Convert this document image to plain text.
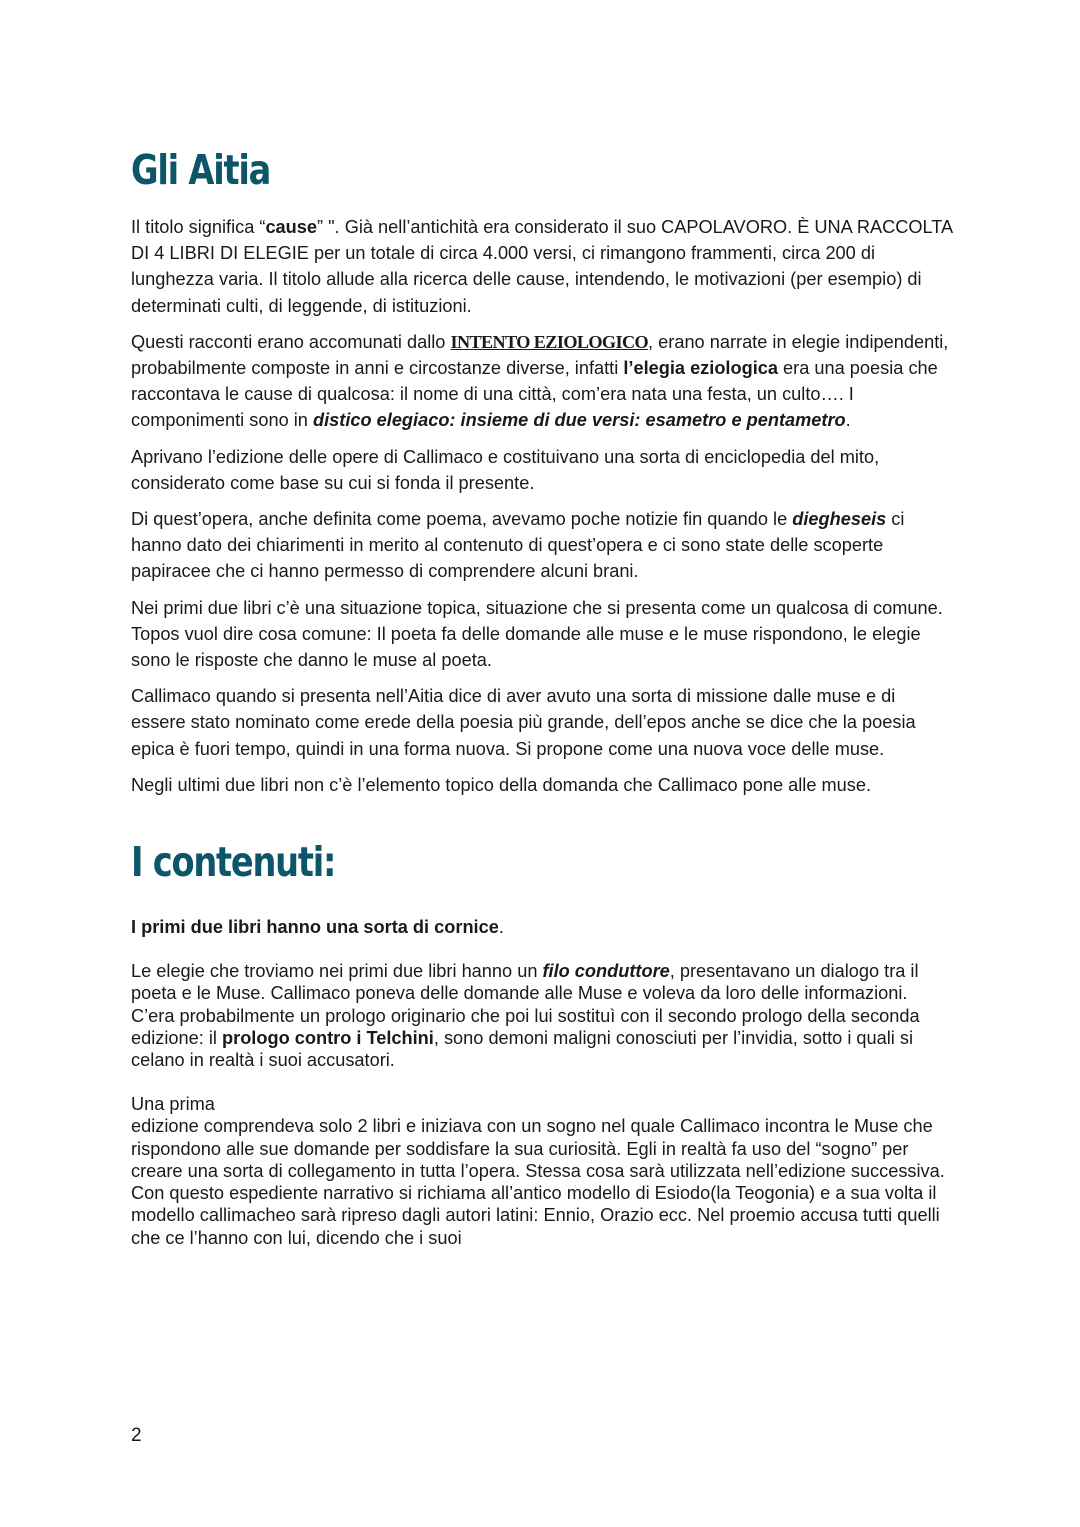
Gli Aitia

Il titolo significa “cause” ". Già nell’antichità era considerato il suo CAPOLAVORO. È UNA RACCOLTA DI 4 LIBRI DI ELEGIE per un totale di circa 4.000 versi, ci rimangono frammenti, circa 200 di lunghezza varia. Il titolo allude alla ricerca delle cause, intendendo, le motivazioni (per esempio) di determinati culti, di leggende, di istituzioni.

Questi racconti erano accomunati dallo INTENTO EZIOLOGICO, erano narrate in elegie indipendenti, probabilmente composte in anni e circostanze diverse, infatti l’elegia eziologica era una poesia che raccontava le cause di qualcosa: il nome di una città, com’era nata una festa, un culto…. I componimenti sono in distico elegiaco: insieme di due versi: esametro e pentametro.

Aprivano l’edizione delle opere di Callimaco e costituivano una sorta di enciclopedia del mito, considerato come base su cui si fonda il presente.

Di quest’opera, anche definita come poema, avevamo poche notizie fin quando le diegheseis ci hanno dato dei chiarimenti in merito al contenuto di quest’opera e ci sono state delle scoperte papiracee che ci hanno permesso di comprendere alcuni brani.

Nei primi due libri c’è una situazione topica, situazione che si presenta come un qualcosa di comune. Topos vuol dire cosa comune: Il poeta fa delle domande alle muse e le muse rispondono, le elegie sono le risposte che danno le muse al poeta.

Callimaco quando si presenta nell’Aitia dice di aver avuto una sorta di missione dalle muse e di essere stato nominato come erede della poesia più grande, dell’epos anche se dice che la poesia epica è fuori tempo, quindi in una forma nuova. Si propone come una nuova voce delle muse.

Negli ultimi due libri non c’è l’elemento topico della domanda che Callimaco pone alle muse.

I contenuti:

I primi due libri hanno una sorta di cornice.

Le elegie che troviamo nei primi due libri hanno un filo conduttore, presentavano un dialogo tra il poeta e le Muse. Callimaco poneva delle domande alle Muse e voleva da loro delle informazioni. C’era probabilmente un prologo originario che poi lui sostituì con il secondo prologo della seconda edizione: il prologo contro i Telchini, sono demoni maligni conosciuti per l’invidia, sotto i quali si celano in realtà i suoi accusatori.

Una prima
edizione comprendeva solo 2 libri e iniziava con un sogno nel quale Callimaco incontra le Muse che rispondono alle sue domande per soddisfare la sua curiosità. Egli in realtà fa uso del “sogno” per creare una sorta di collegamento in tutta l’opera. Stessa cosa sarà utilizzata nell’edizione successiva. Con questo espediente narrativo si richiama all’antico modello di Esiodo(la Teogonia) e a sua volta il modello callimacheo sarà ripreso dagli autori latini: Ennio, Orazio ecc. Nel proemio accusa tutti quelli che ce l’hanno con lui, dicendo che i suoi

2
